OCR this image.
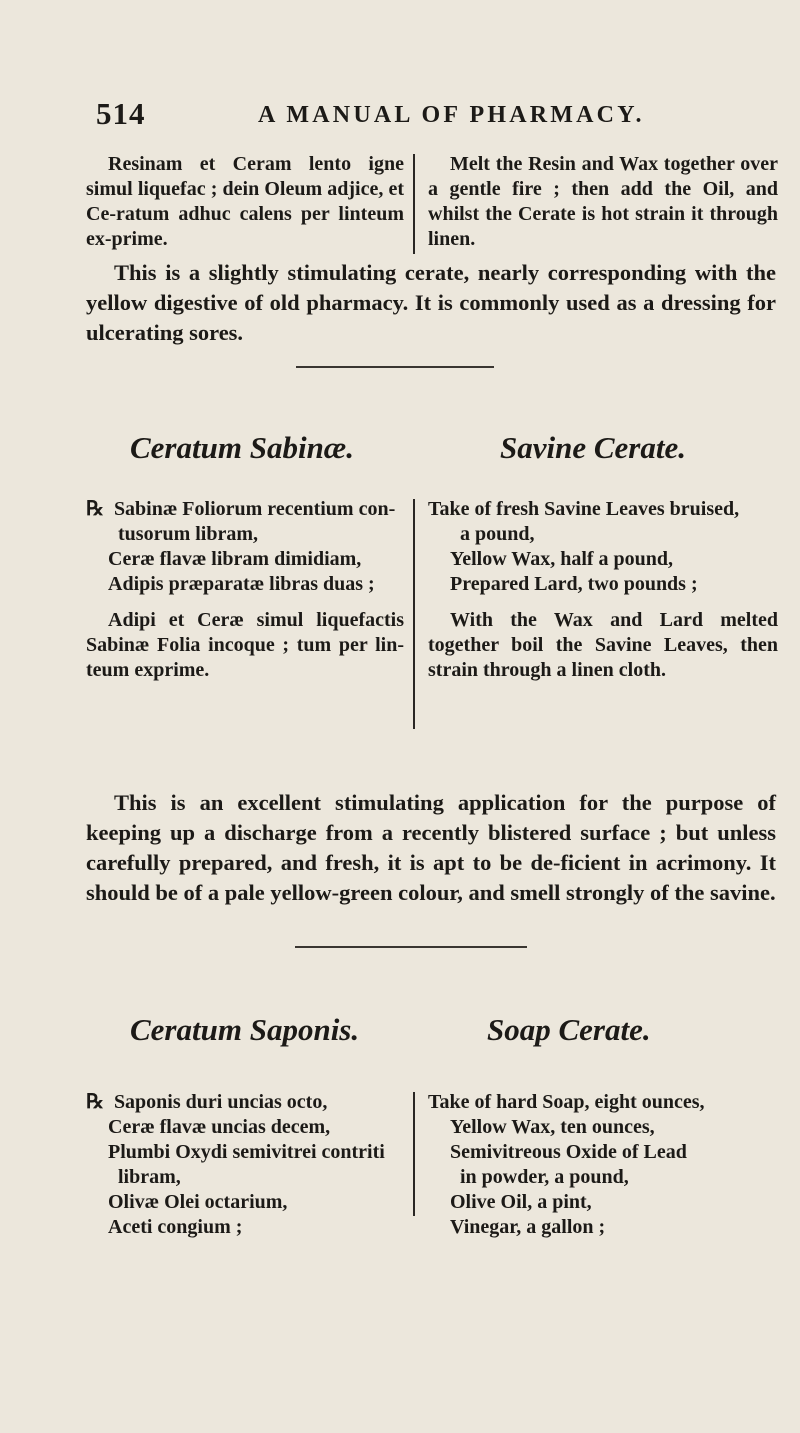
514	A MANUAL OF PHARMACY.
Resinam et Ceram lento igne simul liquefac ; dein Oleum adjice, et Ce-ratum adhuc calens per linteum ex-prime.
Melt the Resin and Wax together over a gentle fire ; then add the Oil, and whilst the Cerate is hot strain it through linen.

This is a slightly stimulating cerate, nearly corresponding with the yellow digestive of old pharmacy. It is commonly used as a dressing for ulcerating sores.

Ceratum Sabinæ.	Savine Cerate.
℞ Sabinæ Foliorum recentium con-
tusorum libram,
Ceræ flavæ libram dimidiam,
Adipis præparatæ libras duas ;
Adipi et Ceræ simul liquefactis Sabinæ Folia incoque ; tum per lin-teum exprime.
Take of fresh Savine Leaves bruised,
a pound,
Yellow Wax, half a pound,
Prepared Lard, two pounds ;
With the Wax and Lard melted together boil the Savine Leaves, then strain through a linen cloth.

This is an excellent stimulating application for the purpose of keeping up a discharge from a recently blistered surface ; but unless carefully prepared, and fresh, it is apt to be de-ficient in acrimony. It should be of a pale yellow-green colour, and smell strongly of the savine.

Ceratum Saponis.	Soap Cerate.
℞ Saponis duri uncias octo,
Ceræ flavæ uncias decem,
Plumbi Oxydi semivitrei contriti
libram,
Olivæ Olei octarium,
Aceti congium ;
Take of hard Soap, eight ounces,
Yellow Wax, ten ounces,
Semivitreous Oxide of Lead
in powder, a pound,
Olive Oil, a pint,
Vinegar, a gallon ;
